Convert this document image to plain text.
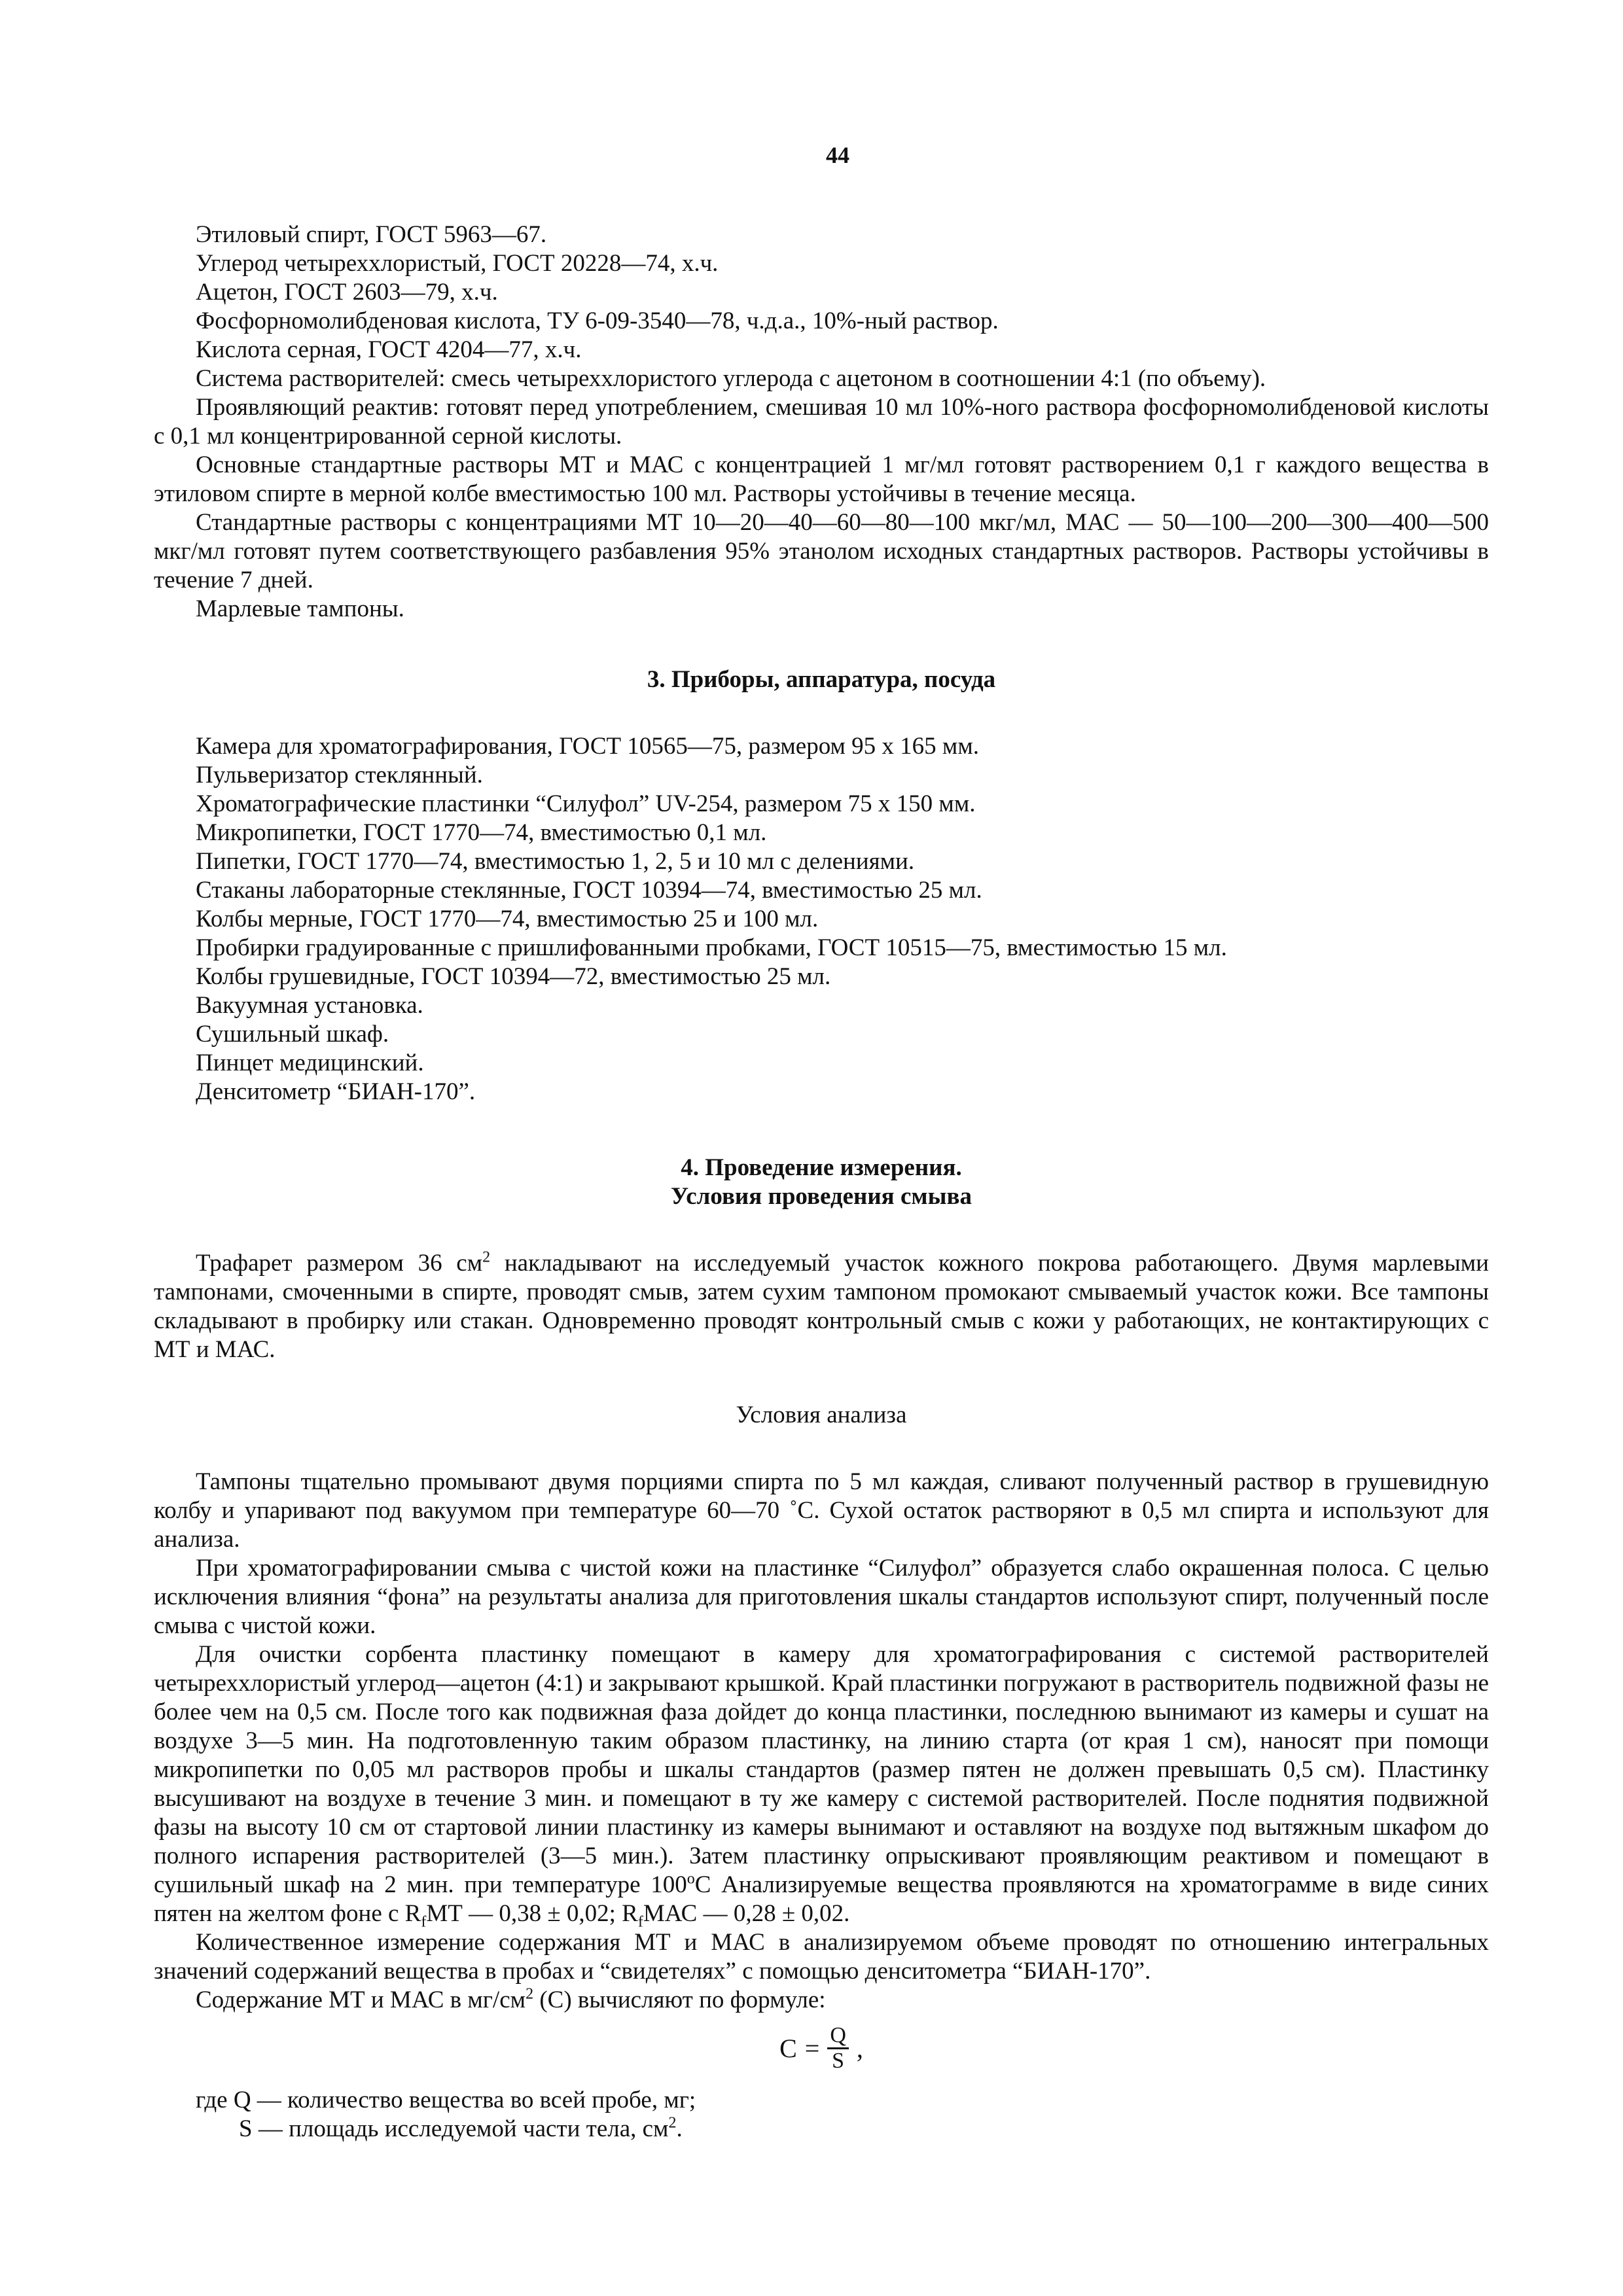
44

Этиловый спирт, ГОСТ 5963—67.

Углерод четыреххлористый, ГОСТ 20228—74, х.ч.

Ацетон, ГОСТ 2603—79, х.ч.

Фосфорномолибденовая кислота, ТУ 6-09-3540—78, ч.д.а., 10%-ный раствор.

Кислота серная, ГОСТ 4204—77, х.ч.

Система растворителей: смесь четыреххлористого углерода с ацетоном в соотношении 4:1 (по объему).

Проявляющий реактив: готовят перед употреблением, смешивая 10 мл 10%-ного раствора фосфорномолибденовой кислоты с 0,1 мл концентрированной серной кислоты.

Основные стандартные растворы МТ и МАС с концентрацией 1 мг/мл готовят растворением 0,1 г каждого вещества в этиловом спирте в мерной колбе вместимостью 100 мл. Растворы устойчивы в течение месяца.

Стандартные растворы с концентрациями МТ 10—20—40—60—80—100 мкг/мл, МАС — 50—100—200—300—400—500 мкг/мл готовят путем соответствующего разбавления 95% этанолом исходных стандартных растворов. Растворы устойчивы в течение 7 дней.

Марлевые тампоны.

3. Приборы, аппаратура, посуда

Камера для хроматографирования, ГОСТ 10565—75, размером 95 х 165 мм.

Пульверизатор стеклянный.

Хроматографические пластинки “Силуфол” UV-254, размером 75 х 150 мм.

Микропипетки, ГОСТ 1770—74, вместимостью 0,1 мл.

Пипетки, ГОСТ 1770—74, вместимостью 1, 2, 5 и 10 мл с делениями.

Стаканы лабораторные стеклянные, ГОСТ 10394—74, вместимостью 25 мл.

Колбы мерные, ГОСТ 1770—74, вместимостью 25 и 100 мл.

Пробирки градуированные с пришлифованными пробками, ГОСТ 10515—75, вместимостью 15 мл.

Колбы грушевидные, ГОСТ 10394—72, вместимостью 25 мл.

Вакуумная установка.

Сушильный шкаф.

Пинцет медицинский.

Денситометр “БИАН-170”.

4. Проведение измерения.
Условия проведения смыва

Трафарет размером 36 $см^2$ накладывают на исследуемый участок кожного покрова работающего. Двумя марлевыми тампонами, смоченными в спирте, проводят смыв, затем сухим тампоном промокают смываемый участок кожи. Все тампоны складывают в пробирку или стакан. Одновременно проводят контрольный смыв с кожи у работающих, не контактирующих с МТ и МАС.

Условия анализа

Тампоны тщательно промывают двумя порциями спирта по 5 мл каждая, сливают полученный раствор в грушевидную колбу и упаривают под вакуумом при температуре 60—70 ˚С. Сухой остаток растворяют в 0,5 мл спирта и используют для анализа.

При хроматографировании смыва с чистой кожи на пластинке “Силуфол” образуется слабо окрашенная полоса. С целью исключения влияния “фона” на результаты анализа для приготовления шкалы стандартов используют спирт, полученный после смыва с чистой кожи.

Для очистки сорбента пластинку помещают в камеру для хроматографирования с системой растворителей четыреххлористый углерод—ацетон (4:1) и закрывают крышкой. Край пластинки погружают в растворитель подвижной фазы не более чем на 0,5 см. После того как подвижная фаза дойдет до конца пластинки, последнюю вынимают из камеры и сушат на воздухе 3—5 мин. На подготовленную таким образом пластинку, на линию старта (от края 1 см), наносят при помощи микропипетки по 0,05 мл растворов пробы и шкалы стандартов (размер пятен не должен превышать 0,5 см). Пластинку высушивают на воздухе в течение 3 мин. и помещают в ту же камеру с системой растворителей. После поднятия подвижной фазы на высоту 10 см от стартовой линии пластинку из камеры вынимают и оставляют на воздухе под вытяжным шкафом до полного испарения растворителей (3—5 мин.). Затем пластинку опрыскивают проявляющим реактивом и помещают в сушильный шкаф на 2 мин. при температуре $100^оС$ Анализируемые вещества проявляются на хроматограмме в виде синих пятен на желтом фоне с $R_fМТ$ — 0,38 ± 0,02; $R_fМАС$ — 0,28 ± 0,02.

Количественное измерение содержания МТ и МАС в анализируемом объеме проводят по отношению интегральных значений содержаний вещества в пробах и “свидетелях” с помощью денситометра “БИАН-170”.

Содержание МТ и МАС в $мг/см^2$ (С) вычисляют по формуле:

$С = \frac{Q}{S}$ ,

где Q — количество вещества во всей пробе, мг;

S — площадь исследуемой части тела, $см^2$.
